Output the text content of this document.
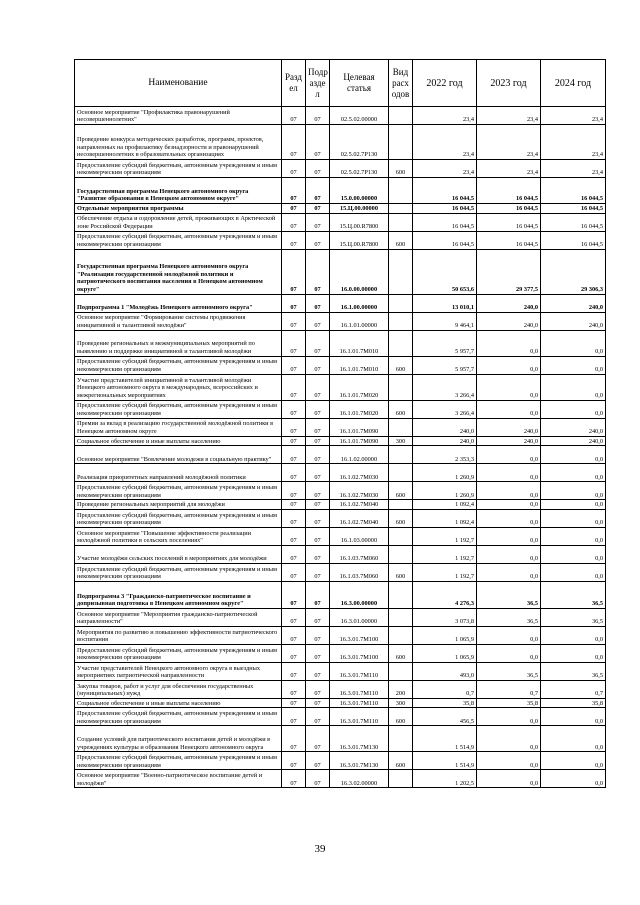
Наименование	Разд ел	Подр азде л	Целевая статья	Вид расх одов	2022 год	2023 год	2024 год
Основное мероприятие "Профилактика правонарушений несовершеннолетних"	07	07	02.5.02.00000		23,4	23,4	23,4
Проведение конкурса методических разработок, программ, проектов, направленных на профилактику безнадзорности и правонарушений несовершеннолетних в образовательных организациях	07	07	02.5.02.7Р130		23,4	23,4	23,4
Предоставление субсидий бюджетным, автономным учреждениям и иным некоммерческим организациям	07	07	02.5.02.7Р130	600	23,4	23,4	23,4
Государственная программа Ненецкого автономного округа "Развитие образования в Ненецком автономном округе"	07	07	15.0.00.00000		16 044,5	16 044,5	16 044,5
Отдельные мероприятия программы	07	07	15.Ц.00.00000		16 044,5	16 044,5	16 044,5
Обеспечение отдыха и оздоровление детей, проживающих в Арктической зоне Российской Федерации	07	07	15.Ц.00.R7800		16 044,5	16 044,5	16 044,5
Предоставление субсидий бюджетным, автономным учреждениям и иным некоммерческим организациям	07	07	15.Ц.00.R7800	600	16 044,5	16 044,5	16 044,5
Государственная программа Ненецкого автономного округа "Реализация государственной молодёжной политики и патриотического воспитания населения в Ненецком автономном округе"	07	07	16.0.00.00000		50 653,6	29 377,5	29 306,3
Подпрограмма 1 "Молодёжь Ненецкого автономного округа"	07	07	16.1.00.00000		13 010,1	240,0	240,0
Основное мероприятие "Формирование системы продвижения инициативной и талантливой молодёжи"	07	07	16.1.01.00000		9 464,1	240,0	240,0
Проведение региональных и межмуниципальных мероприятий по выявлению и поддержке инициативной и талантливой молодёжи	07	07	16.1.01.7М010		5 957,7	0,0	0,0
Предоставление субсидий бюджетным, автономным учреждениям и иным некоммерческим организациям	07	07	16.1.01.7М010	600	5 957,7	0,0	0,0
Участие представителей инициативной и талантливой молодёжи Ненецкого автономного округа в международных, всероссийских и межрегиональных мероприятиях	07	07	16.1.01.7М020		3 266,4	0,0	0,0
Предоставление субсидий бюджетным, автономным учреждениям и иным некоммерческим организациям	07	07	16.1.01.7М020	600	3 266,4	0,0	0,0
Премии за вклад в реализацию государственной молодёжной политики в Ненецком автономном округе	07	07	16.1.01.7М090		240,0	240,0	240,0
Социальное обеспечение и иные выплаты населению	07	07	16.1.01.7М090	300	240,0	240,0	240,0
Основное мероприятие "Вовлечение молодежи в социальную практику"	07	07	16.1.02.00000		2 353,3	0,0	0,0
Реализация приоритетных направлений молодёжной политики	07	07	16.1.02.7М030		1 260,9	0,0	0,0
Предоставление субсидий бюджетным, автономным учреждениям и иным некоммерческим организациям	07	07	16.1.02.7М030	600	1 260,9	0,0	0,0
Проведение региональных мероприятий для молодёжи	07	07	16.1.02.7М040		1 092,4	0,0	0,0
Предоставление субсидий бюджетным, автономным учреждениям и иным некоммерческим организациям	07	07	16.1.02.7М040	600	1 092,4	0,0	0,0
Основное мероприятие "Повышение эффективности реализации молодёжной политики в сельских поселениях"	07	07	16.1.03.00000		1 192,7	0,0	0,0
Участие молодёжи сельских поселений в мероприятиях для молодёжи	07	07	16.1.03.7М060		1 192,7	0,0	0,0
Предоставление субсидий бюджетным, автономным учреждениям и иным некоммерческим организациям	07	07	16.1.03.7М060	600	1 192,7	0,0	0,0
Подпрограмма 3 "Гражданско-патриотическое воспитание и допризывная подготовка в Ненецком автономном округе"	07	07	16.3.00.00000		4 276,3	36,5	36,5
Основное мероприятие "Мероприятия гражданско-патриотической направленности"	07	07	16.3.01.00000		3 073,8	36,5	36,5
Мероприятия по развитию и повышению эффективности патриотического воспитания	07	07	16.3.01.7М100		1 065,9	0,0	0,0
Предоставление субсидий бюджетным, автономным учреждениям и иным некоммерческим организациям	07	07	16.3.01.7М100	600	1 065,9	0,0	0,0
Участие представителей Ненецкого автономного округа в выездных мероприятиях патриотической направленности	07	07	16.3.01.7М110		493,0	36,5	36,5
Закупка товаров, работ и услуг для обеспечения государственных (муниципальных) нужд	07	07	16.3.01.7М110	200	0,7	0,7	0,7
Социальное обеспечение и иные выплаты населению	07	07	16.3.01.7М110	300	35,8	35,8	35,8
Предоставление субсидий бюджетным, автономным учреждениям и иным некоммерческим организациям	07	07	16.3.01.7М110	600	456,5	0,0	0,0
Создание условий для патриотического воспитания детей и молодёжи в учреждениях культуры и образования Ненецкого автономного округа	07	07	16.3.01.7М130		1 514,9	0,0	0,0
Предоставление субсидий бюджетным, автономным учреждениям и иным некоммерческим организациям	07	07	16.3.01.7М130	600	1 514,9	0,0	0,0
Основное мероприятие "Военно-патриотическое воспитание детей и молодёжи"	07	07	16.3.02.00000		1 202,5	0,0	0,0
39
